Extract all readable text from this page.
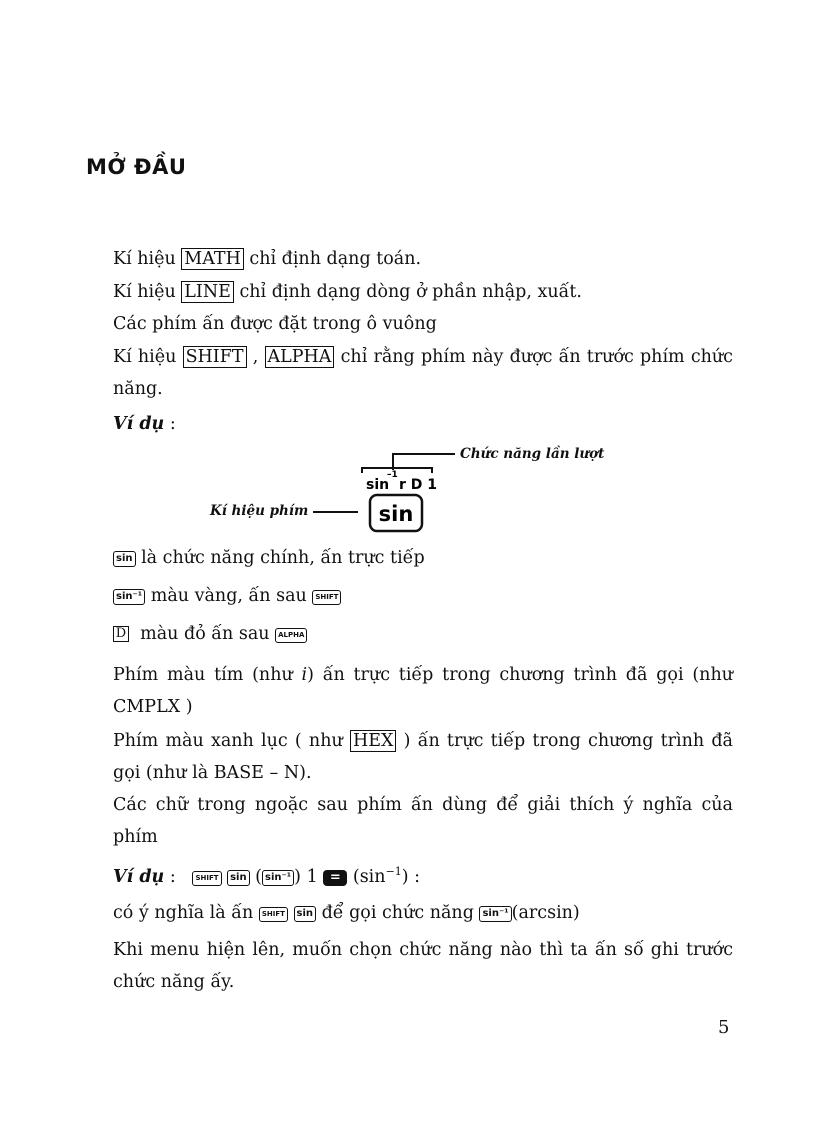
MỞ ĐẦU

Kí hiệu MATH chỉ định dạng toán.

Kí hiệu LINE chỉ định dạng dòng ở phần nhập, xuất.

Các phím ấn được đặt trong ô vuông

Kí hiệu SHIFT , ALPHA chỉ rằng phím này được ấn trước phím chức năng.

Ví dụ :

sin
–1
r D 1
sin
Chức năng lần lượt
Kí hiệu phím

sin là chức năng chính, ấn trực tiếp

sin⁻¹ màu vàng, ấn sau SHIFT

D màu đỏ ấn sau ALPHA

Phím màu tím (như i) ấn trực tiếp trong chương trình đã gọi (như CMPLX )

Phím màu xanh lục ( như HEX ) ấn trực tiếp trong chương trình đã gọi (như là BASE – N).

Các chữ trong ngoặc sau phím ấn dùng để giải thích ý nghĩa của phím

Ví dụ :	SHIFT sin ( sin⁻¹ ) $1 = (\sin^{-1})$ :

có ý nghĩa là ấn SHIFT sin để gọi chức năng sin⁻¹ (arcsin)

Khi menu hiện lên, muốn chọn chức năng nào thì ta ấn số ghi trước chức năng ấy.

5
